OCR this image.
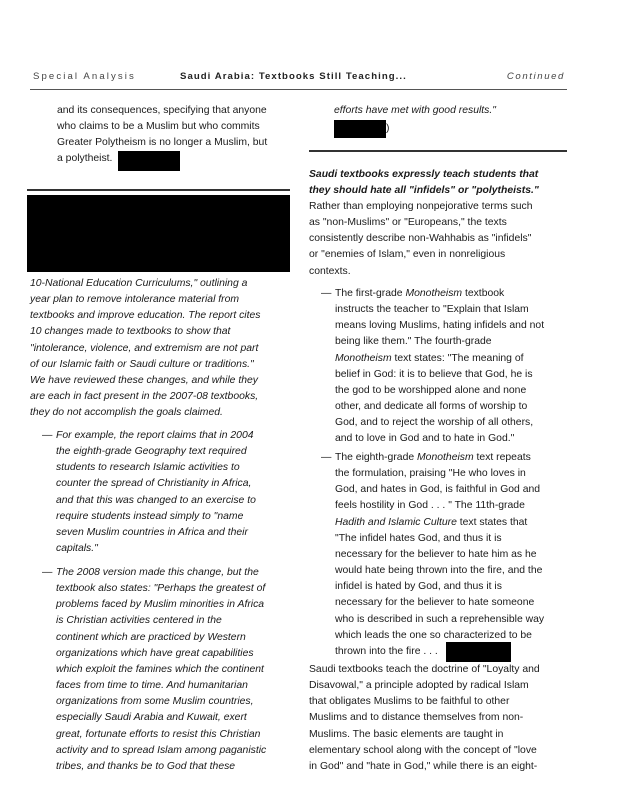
Special Analysis	Saudi Arabia: Textbooks Still Teaching...	Continued
and its consequences, specifying that anyone
who claims to be a Muslim but who commits
Greater Polytheism is no longer a Muslim, but
a polytheist.
10-National Education Curriculums," outlining a
year plan to remove intolerance material from
textbooks and improve education. The report cites
10 changes made to textbooks to show that
"intolerance, violence, and extremism are not part
of our Islamic faith or Saudi culture or traditions."
We have reviewed these changes, and while they
are each in fact present in the 2007-08 textbooks,
they do not accomplish the goals claimed.
— For example, the report claims that in 2004
the eighth-grade Geography text required
students to research Islamic activities to
counter the spread of Christianity in Africa,
and that this was changed to an exercise to
require students instead simply to "name
seven Muslim countries in Africa and their
capitals."
— The 2008 version made this change, but the
textbook also states: "Perhaps the greatest of
problems faced by Muslim minorities in Africa
is Christian activities centered in the
continent which are practiced by Western
organizations which have great capabilities
which exploit the famines which the continent
faces from time to time. And humanitarian
organizations from some Muslim countries,
especially Saudi Arabia and Kuwait, exert
great, fortunate efforts to resist this Christian
activity and to spread Islam among paganistic
tribes, and thanks be to God that these
efforts have met with good results."
)
Saudi textbooks expressly teach students that
they should hate all "infidels" or "polytheists."
Rather than employing nonpejorative terms such
as "non-Muslims" or "Europeans," the texts
consistently describe non-Wahhabis as "infidels"
or "enemies of Islam," even in nonreligious
contexts.
— The first-grade Monotheism textbook
instructs the teacher to "Explain that Islam
means loving Muslims, hating infidels and not
being like them." The fourth-grade
Monotheism text states: "The meaning of
belief in God: it is to believe that God, he is
the god to be worshipped alone and none
other, and dedicate all forms of worship to
God, and to reject the worship of all others,
and to love in God and to hate in God."
— The eighth-grade Monotheism text repeats
the formulation, praising "He who loves in
God, and hates in God, is faithful in God and
feels hostility in God . . . " The 11th-grade
Hadith and Islamic Culture text states that
"The infidel hates God, and thus it is
necessary for the believer to hate him as he
would hate being thrown into the fire, and the
infidel is hated by God, and thus it is
necessary for the believer to hate someone
who is described in such a reprehensible way
which leads the one so characterized to be
thrown into the fire . . .
Saudi textbooks teach the doctrine of "Loyalty and
Disavowal," a principle adopted by radical Islam
that obligates Muslims to be faithful to other
Muslims and to distance themselves from non-
Muslims. The basic elements are taught in
elementary school along with the concept of "love
in God" and "hate in God," while there is an eight-
